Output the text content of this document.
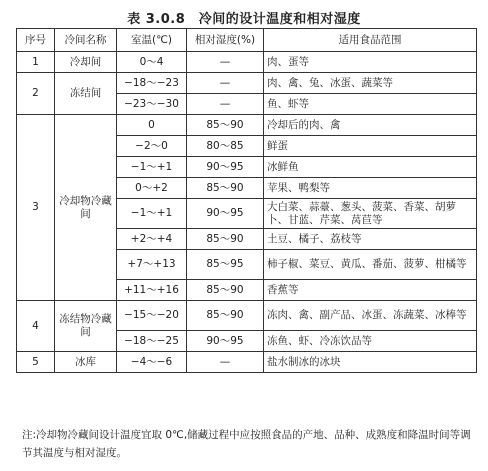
表 3.0.8　冷间的设计温度和相对湿度
序号	冷间名称	室温(℃)	相对湿度(%)	适用食品范围
1	冷却间	0～4	—	肉、蛋等
2	冻结间	−18～−23	—	肉、禽、兔、冰蛋、蔬菜等
		−23～−30	—	鱼、虾等
3	冷却物冷藏间	0	85～90	冷却后的肉、禽
		−2～0	80～85	鲜蛋
		−1～+1	90～95	冰鲜鱼
		0～+2	85～90	苹果、鸭梨等
		−1～+1	90～95	大白菜、蒜薹、葱头、菠菜、香菜、胡萝卜、甘蓝、芹菜、莴苣等
		+2～+4	85～90	土豆、橘子、荔枝等
		+7～+13	85～95	柿子椒、菜豆、黄瓜、番茄、菠萝、柑橘等
		+11～+16	85～90	香蕉等
4	冻结物冷藏间	−15～−20	85～90	冻肉、禽、副产品、冰蛋、冻蔬菜、冰棒等
		−18～−25	90～95	冻鱼、虾、冷冻饮品等
5	冰库	−4～−6	—	盐水制冰的冰块
注:冷却物冷藏间设计温度宜取 0℃,储藏过程中应按照食品的产地、品种、成熟度和降温时间等调节其温度与相对湿度。
